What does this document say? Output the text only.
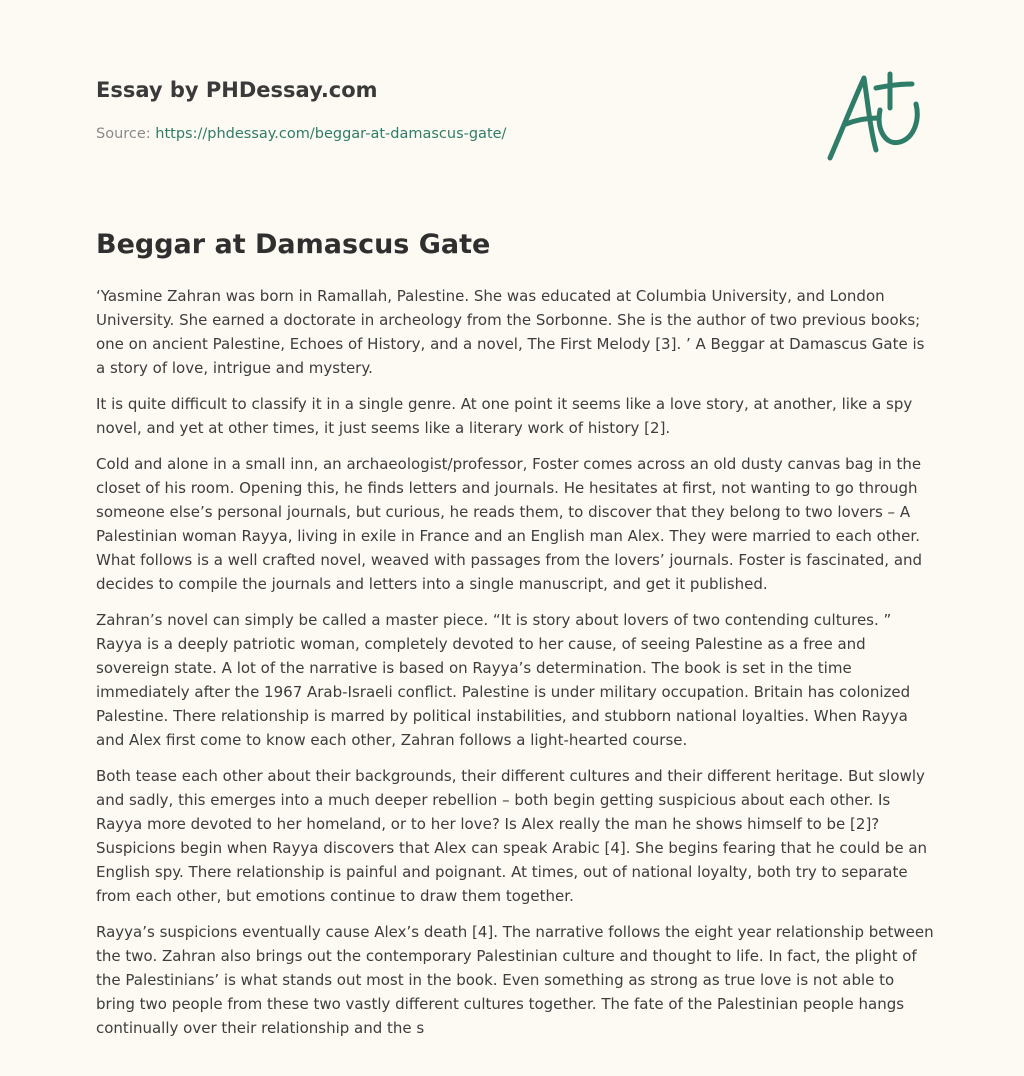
Essay by PHDessay.com
Source: https://phdessay.com/beggar-at-damascus-gate/
Beggar at Damascus Gate

‘Yasmine Zahran was born in Ramallah, Palestine. She was educated at Columbia University, and London University. She earned a doctorate in archeology from the Sorbonne. She is the author of two previous books; one on ancient Palestine, Echoes of History, and a novel, The First Melody [3]. ’ A Beggar at Damascus Gate is a story of love, intrigue and mystery.

It is quite difficult to classify it in a single genre. At one point it seems like a love story, at another, like a spy novel, and yet at other times, it just seems like a literary work of history [2].

Cold and alone in a small inn, an archaeologist/professor, Foster comes across an old dusty canvas bag in the closet of his room. Opening this, he finds letters and journals. He hesitates at first, not wanting to go through someone else’s personal journals, but curious, he reads them, to discover that they belong to two lovers – A Palestinian woman Rayya, living in exile in France and an English man Alex. They were married to each other. What follows is a well crafted novel, weaved with passages from the lovers’ journals. Foster is fascinated, and decides to compile the journals and letters into a single manuscript, and get it published.

Zahran’s novel can simply be called a master piece. “It is story about lovers of two contending cultures. ” Rayya is a deeply patriotic woman, completely devoted to her cause, of seeing Palestine as a free and sovereign state. A lot of the narrative is based on Rayya’s determination. The book is set in the time immediately after the 1967 Arab-Israeli conflict. Palestine is under military occupation. Britain has colonized Palestine. There relationship is marred by political instabilities, and stubborn national loyalties. When Rayya and Alex first come to know each other, Zahran follows a light-hearted course.

Both tease each other about their backgrounds, their different cultures and their different heritage. But slowly and sadly, this emerges into a much deeper rebellion – both begin getting suspicious about each other. Is Rayya more devoted to her homeland, or to her love? Is Alex really the man he shows himself to be [2]? Suspicions begin when Rayya discovers that Alex can speak Arabic [4]. She begins fearing that he could be an English spy. There relationship is painful and poignant. At times, out of national loyalty, both try to separate from each other, but emotions continue to draw them together.

Rayya’s suspicions eventually cause Alex’s death [4]. The narrative follows the eight year relationship between the two. Zahran also brings out the contemporary Palestinian culture and thought to life. In fact, the plight of the Palestinians’ is what stands out most in the book. Even something as strong as true love is not able to bring two people from these two vastly different cultures together. The fate of the Palestinian people hangs continually over their relationship and the s
